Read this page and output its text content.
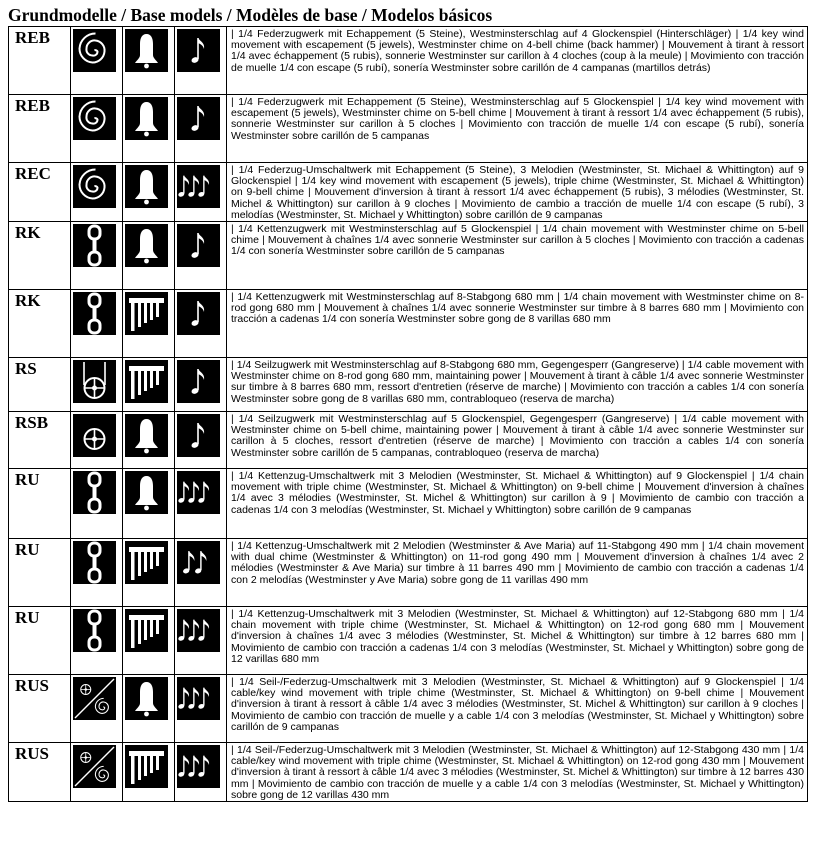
Grundmodelle / Base models / Modèles de base / Modelos básicos
REB				| 1/4 Federzugwerk mit Echappement (5 Steine), Westminsterschlag auf 4 Glockenspiel (Hinterschläger) | 1/4 key wind movement with escapement (5 jewels), Westminster chime on 4-bell chime (back hammer) | Mouvement à tirant à ressort 1/4 avec échappement (5 rubis), sonnerie Westminster sur carillon à 4 cloches (coup à la meule) | Movimiento con tracción de muelle 1/4 con escape (5 rubí), sonería Westminster sobre carillón de 4 campanas (martillos detrás)
REB				| 1/4 Federzugwerk mit Echappement (5 Steine), Westminsterschlag auf 5 Glockenspiel | 1/4 key wind movement with escapement (5 jewels), Westminster chime on 5-bell chime | Mouvement à tirant à ressort 1/4 avec échappement (5 rubis), sonnerie Westminster sur carillon à 5 cloches | Movimiento con tracción de muelle 1/4 con escape (5 rubí), sonería Westminster sobre carillón de 5 campanas
REC				| 1/4 Federzug-Umschaltwerk mit Echappement (5 Steine), 3 Melodien (Westminster, St. Michael & Whittington) auf 9 Glockenspiel | 1/4 key wind movement with escapement (5 jewels), triple chime (Westminster, St. Michael & Whittington) on 9-bell chime | Mouvement d'inversion à tirant à ressort 1/4 avec échappement (5 rubis), 3 mélodies (Westminster, St. Michel & Whittington) sur carillon à 9 cloches | Movimiento de cambio a tracción de muelle 1/4 con escape (5 rubí), 3 melodías (Westminster, St. Michael y Whittington) sobre carillón de 9 campanas
RK				| 1/4 Kettenzugwerk mit Westminsterschlag auf 5 Glockenspiel | 1/4 chain movement with Westminster chime on 5-bell chime | Mouvement à chaînes 1/4 avec sonnerie Westminster sur carillon à 5 cloches | Movimiento con tracción a cadenas 1/4 con sonería Westminster sobre carillón de 5 campanas
RK				| 1/4 Kettenzugwerk mit Westminsterschlag auf 8-Stabgong 680 mm | 1/4 chain movement with Westminster chime on 8-rod gong 680 mm | Mouvement à chaînes 1/4 avec sonnerie Westminster sur timbre à 8 barres 680 mm | Movimiento con tracción a cadenas 1/4 con sonería Westminster sobre gong de 8 varillas 680 mm
RS				| 1/4 Seilzugwerk mit Westminsterschlag auf 8-Stabgong 680 mm, Gegengesperr (Gangreserve) | 1/4 cable movement with Westminster chime on 8-rod gong 680 mm, maintaining power | Mouvement à tirant à câble 1/4 avec sonnerie Westminster sur timbre à 8 barres 680 mm, ressort d'entretien (réserve de marche) | Movimiento con tracción a cables 1/4 con sonería Westminster sobre gong de 8 varillas 680 mm, contrabloqueo (reserva de marcha)
RSB				| 1/4 Seilzugwerk mit Westminsterschlag auf 5 Glockenspiel, Gegengesperr (Gangreserve) | 1/4 cable movement with Westminster chime on 5-bell chime, maintaining power | Mouvement à tirant à câble 1/4 avec sonnerie Westminster sur carillon à 5 cloches, ressort d'entretien (réserve de marche) | Movimiento con tracción a cables 1/4 con sonería Westminster sobre carillón de 5 campanas, contrabloqueo (reserva de marcha)
RU				| 1/4 Kettenzug-Umschaltwerk mit 3 Melodien (Westminster, St. Michael & Whittington) auf 9 Glockenspiel | 1/4 chain movement with triple chime (Westminster, St. Michael & Whittington) on 9-bell chime | Mouvement d'inversion à chaînes 1/4 avec 3 mélodies (Westminster, St. Michel & Whittington) sur carillon à 9 | Movimiento de cambio con tracción a cadenas 1/4 con 3 melodías (Westminster, St. Michael y Whittington) sobre carillón de 9 campanas
RU				| 1/4 Kettenzug-Umschaltwerk mit 2 Melodien (Westminster & Ave Maria) auf 11-Stabgong 490 mm | 1/4 chain movement with dual chime (Westminster & Whittington) on 11-rod gong 490 mm | Mouvement d'inversion à chaînes 1/4 avec 2 mélodies (Westminster & Ave Maria) sur timbre à 11 barres 490 mm | Movimiento de cambio con tracción a cadenas 1/4 con 2 melodías (Westminster y Ave Maria) sobre gong de 11 varillas 490 mm
RU				| 1/4 Kettenzug-Umschaltwerk mit 3 Melodien (Westminster, St. Michael & Whittington) auf 12-Stabgong 680 mm | 1/4 chain movement with triple chime (Westminster, St. Michael & Whittington) on 12-rod gong 680 mm | Mouvement d'inversion à chaînes 1/4 avec 3 mélodies (Westminster, St. Michel & Whittington) sur timbre à 12 barres 680 mm | Movimiento de cambio con tracción a cadenas 1/4 con 3 melodías (Westminster, St. Michael y Whittington) sobre gong de 12 varillas 680 mm
RUS				| 1/4 Seil-/Federzug-Umschaltwerk mit 3 Melodien (Westminster, St. Michael & Whittington) auf 9 Glockenspiel | 1/4 cable/key wind movement with triple chime (Westminster, St. Michael & Whittington) on 9-bell chime | Mouvement d'inversion à tirant à ressort à câble 1/4 avec 3 mélodies (Westminster, St. Michel & Whittington) sur carillon à 9 cloches | Movimiento de cambio con tracción de muelle y a cable 1/4 con 3 melodías (Westminster, St. Michael y Whittington) sobre carillón de 9 campanas
RUS				| 1/4 Seil-/Federzug-Umschaltwerk mit 3 Melodien (Westminster, St. Michael & Whittington) auf 12-Stabgong 430 mm | 1/4 cable/key wind movement with triple chime (Westminster, St. Michael & Whittington) on 12-rod gong 430 mm | Mouvement d'inversion à tirant à ressort à câble 1/4 avec 3 mélodies (Westminster, St. Michel & Whittington) sur timbre à 12 barres 430 mm | Movimiento de cambio con tracción de muelle y a cable 1/4 con 3 melodías (Westminster, St. Michael y Whittington) sobre gong de 12 varillas 430 mm
